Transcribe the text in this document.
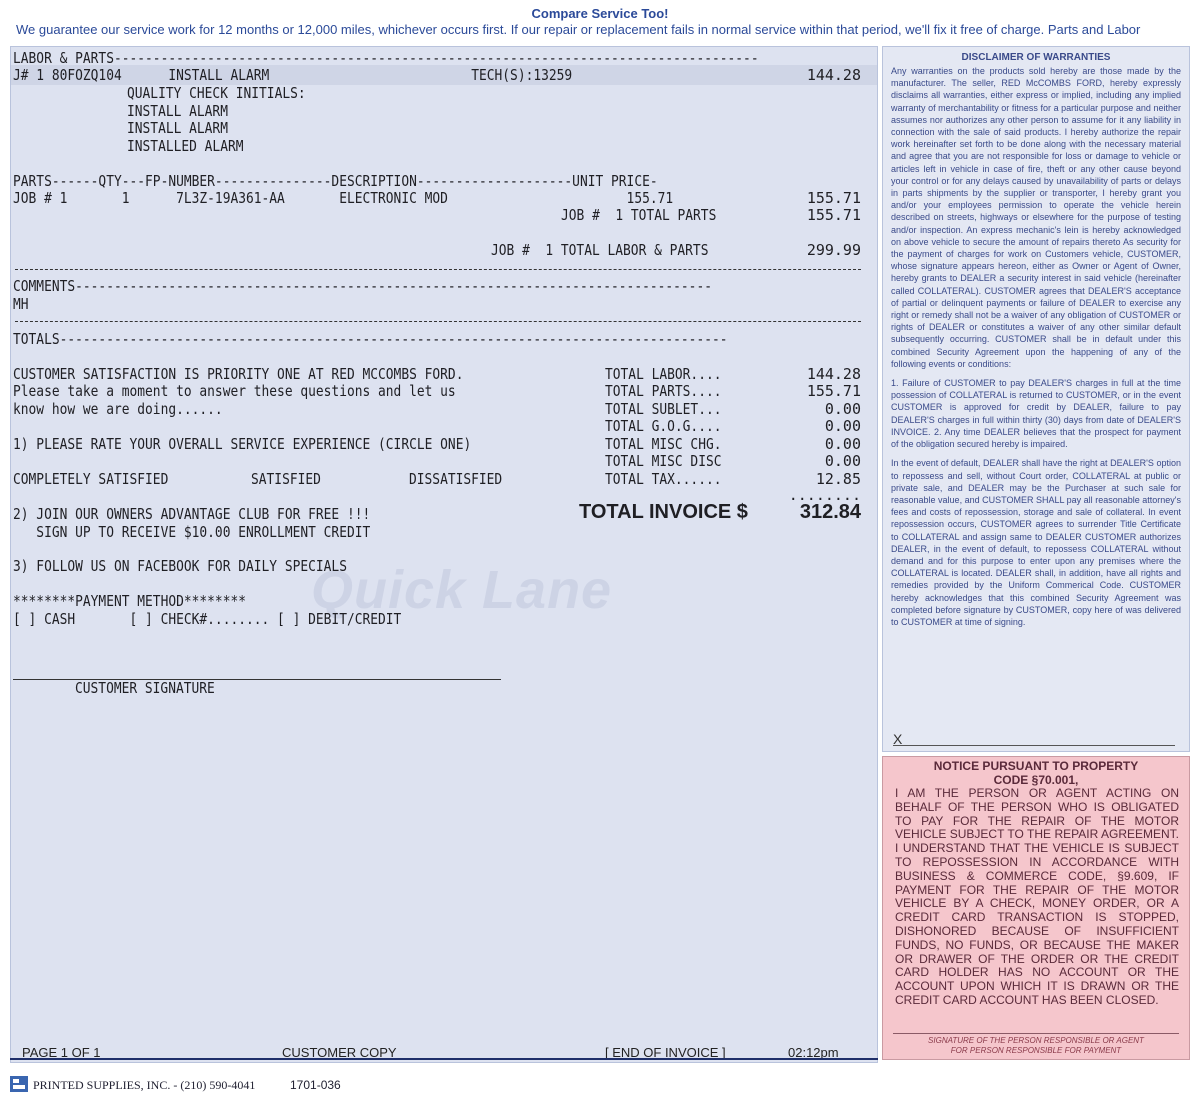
Compare Service Too!
We guarantee our service work for 12 months or 12,000 miles, whichever occurs first. If our repair or replacement fails in normal service within that period, we'll fix it free of charge. Parts and Labor
Quick Lane
LABOR & PARTS-----------------------------------------------------------------------------------
J# 1 80FOZQ104      INSTALL ALARM                          TECH(S):13259	144.28
QUALITY CHECK INITIALS:
INSTALL ALARM
INSTALL ALARM
INSTALLED ALARM
PARTS------QTY---FP-NUMBER---------------DESCRIPTION--------------------UNIT PRICE-
JOB # 1       1      7L3Z-19A361-AA       ELECTRONIC MOD                       155.71	155.71
JOB #  1 TOTAL PARTS	155.71
JOB #  1 TOTAL LABOR & PARTS	299.99
COMMENTS----------------------------------------------------------------------------------
MH
TOTALS--------------------------------------------------------------------------------------
CUSTOMER SATISFACTION IS PRIORITY ONE AT RED MCCOMBS FORD.
Please take a moment to answer these questions and let us
know how we are doing......
1) PLEASE RATE YOUR OVERALL SERVICE EXPERIENCE (CIRCLE ONE)
COMPLETELY SATISFIED	SATISFIED	DISSATISFIED
2) JOIN OUR OWNERS ADVANTAGE CLUB FOR FREE !!!
SIGN UP TO RECEIVE $10.00 ENROLLMENT CREDIT
3) FOLLOW US ON FACEBOOK FOR DAILY SPECIALS
********PAYMENT METHOD********
[ ] CASH       [ ] CHECK#........ [ ] DEBIT/CREDIT
CUSTOMER SIGNATURE
TOTAL LABOR....	144.28
TOTAL PARTS....	155.71
TOTAL SUBLET...	0.00
TOTAL G.O.G....	0.00
TOTAL MISC CHG.	0.00
TOTAL MISC DISC	0.00
TOTAL TAX......	12.85
........
TOTAL INVOICE $	312.84
DISCLAIMER OF WARRANTIES

Any warranties on the products sold hereby are those made by the manufacturer. The seller, RED McCOMBS FORD, hereby expressly disclaims all warranties, either express or implied, including any implied warranty of merchantability or fitness for a particular purpose and neither assumes nor authorizes any other person to assume for it any liability in connection with the sale of said products. I hereby authorize the repair work hereinafter set forth to be done along with the necessary material and agree that you are not responsible for loss or damage to vehicle or articles left in vehicle in case of fire, theft or any other cause beyond your control or for any delays caused by unavailability of parts or delays in parts shipments by the supplier or transporter, I hereby grant you and/or your employees permission to operate the vehicle herein described on streets, highways or elsewhere for the purpose of testing and/or inspection. An express mechanic's lein is hereby acknowledged on above vehicle to secure the amount of repairs thereto As security for the payment of charges for work on Customers vehicle, CUSTOMER, whose signature appears hereon, either as Owner or Agent of Owner, hereby grants to DEALER a security interest in said vehicle (hereinafter called COLLATERAL). CUSTOMER agrees that DEALER'S acceptance of partial or delinquent payments or failure of DEALER to exercise any right or remedy shall not be a waiver of any obligation of CUSTOMER or rights of DEALER or constitutes a waiver of any other similar default subsequently occurring. CUSTOMER shall be in default under this combined Security Agreement upon the happening of any of the following events or conditions:

1. Failure of CUSTOMER to pay DEALER'S charges in full at the time possession of COLLATERAL is returned to CUSTOMER, or in the event CUSTOMER is approved for credit by DEALER, failure to pay DEALER'S charges in full within thirty (30) days from date of DEALER'S INVOICE. 2. Any time DEALER believes that the prospect for payment of the obligation secured hereby is impaired.

In the event of default, DEALER shall have the right at DEALER'S option to repossess and sell, without Court order, COLLATERAL at public or private sale, and DEALER may be the Purchaser at such sale for reasonable value, and CUSTOMER SHALL pay all reasonable attorney's fees and costs of repossession, storage and sale of collateral. In event repossession occurs, CUSTOMER agrees to surrender Title Certificate to COLLATERAL and assign same to DEALER CUSTOMER authorizes DEALER, in the event of default, to repossess COLLATERAL without demand and for this purpose to enter upon any premises where the COLLATERAL is located. DEALER shall, in addition, have all rights and remedies provided by the Uniform Commerical Code. CUSTOMER hereby acknowledges that this combined Security Agreement was completed before signature by CUSTOMER, copy here of was delivered to CUSTOMER at time of signing.

X
NOTICE PURSUANT TO PROPERTY
CODE §70.001,
I AM THE PERSON OR AGENT ACTING ON BEHALF OF THE PERSON WHO IS OBLIGATED TO PAY FOR THE REPAIR OF THE MOTOR VEHICLE SUBJECT TO THE REPAIR AGREEMENT. I UNDERSTAND THAT THE VEHICLE IS SUBJECT TO REPOSSESSION IN ACCORDANCE WITH BUSINESS & COMMERCE CODE, §9.609, IF PAYMENT FOR THE REPAIR OF THE MOTOR VEHICLE BY A CHECK, MONEY ORDER, OR A CREDIT CARD TRANSACTION IS STOPPED, DISHONORED BECAUSE OF INSUFFICIENT FUNDS, NO FUNDS, OR BECAUSE THE MAKER OR DRAWER OF THE ORDER OR THE CREDIT CARD HOLDER HAS NO ACCOUNT OR THE ACCOUNT UPON WHICH IT IS DRAWN OR THE CREDIT CARD ACCOUNT HAS BEEN CLOSED.
SIGNATURE OF THE PERSON RESPONSIBLE OR AGENT
FOR PERSON RESPONSIBLE FOR PAYMENT
PAGE 1 OF 1	CUSTOMER COPY	[ END OF INVOICE ]	02:12pm
PRINTED SUPPLIES, INC. - (210) 590-4041	1701-036
